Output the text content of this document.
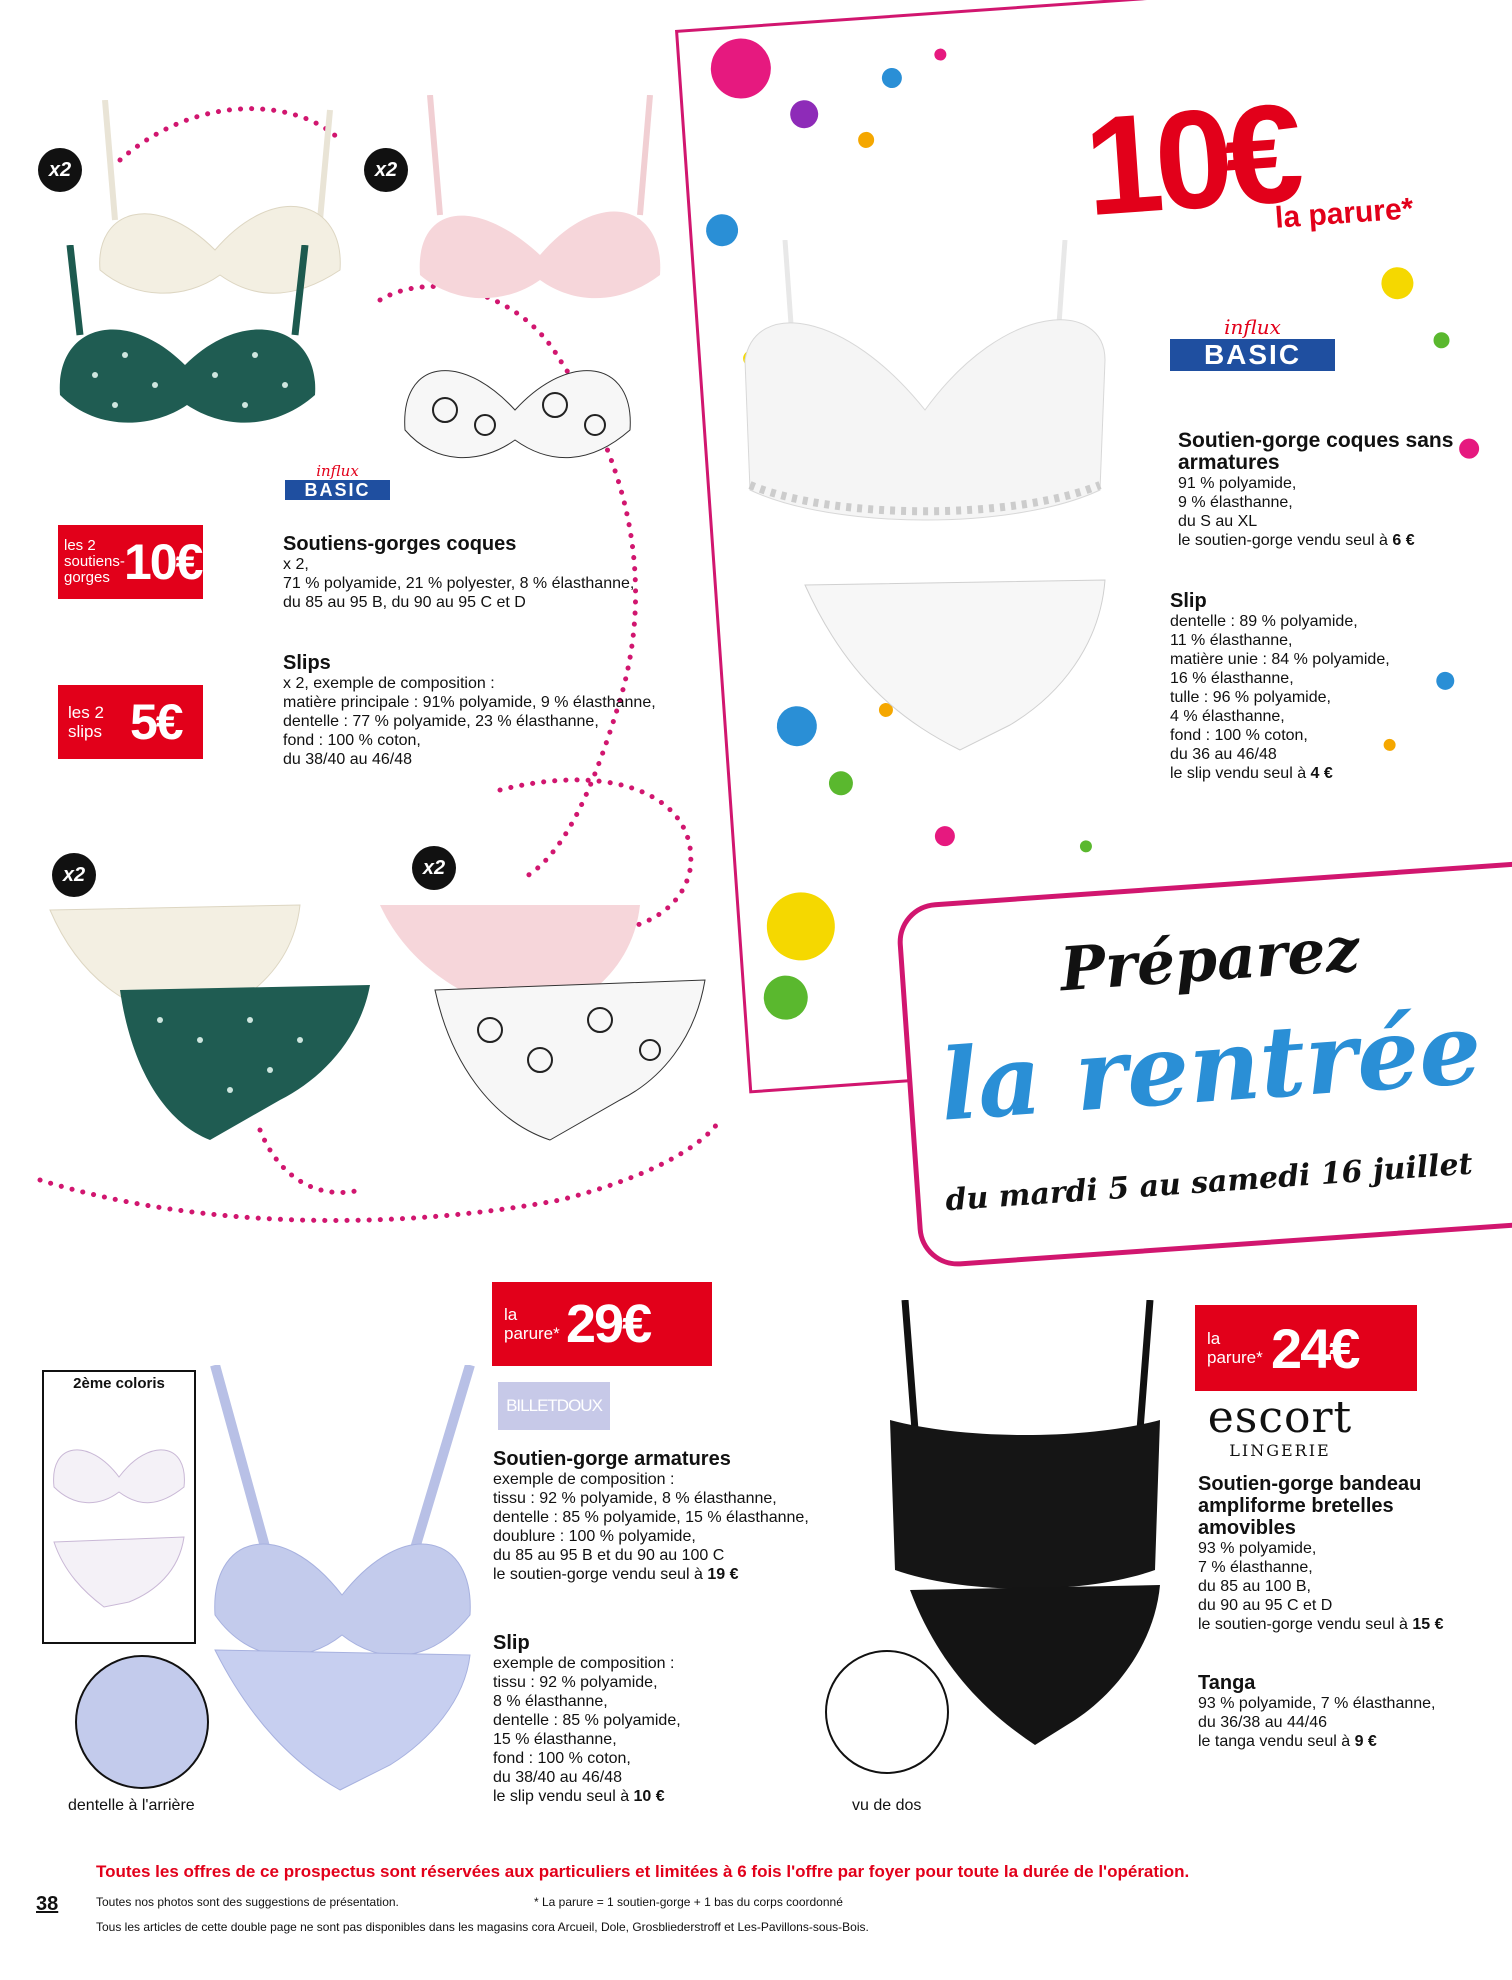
x2	x2
x2	x2
influx
BASIC
les 2 soutiens-gorges 10€
les 2 slips 5€
Soutiens-gorges coques
x 2,
71 % polyamide, 21 % polyester, 8 % élasthanne,
du 85 au 95 B, du 90 au 95 C et D
Slips
x 2, exemple de composition :
matière principale : 91% polyamide, 9 % élasthanne,
dentelle : 77 % polyamide, 23 % élasthanne,
fond : 100 % coton,
du 38/40 au 46/48
10€
la parure*
influx
BASIC
Soutien-gorge coques sans armatures
91 % polyamide,
9 % élasthanne,
du S au XL
le soutien-gorge vendu seul à 6 €
Slip
dentelle : 89 % polyamide,
11 % élasthanne,
matière unie : 84 % polyamide,
16 % élasthanne,
tulle : 96 % polyamide,
4 % élasthanne,
fond : 100 % coton,
du 36 au 46/48
le slip vendu seul à 4 €
Préparez
la rentrée
du mardi 5 au samedi 16 juillet
2ème coloris
dentelle à l'arrière
la parure* 29€
BILLETDOUX
Soutien-gorge armatures
exemple de composition :
tissu : 92 % polyamide, 8 % élasthanne,
dentelle : 85 % polyamide, 15 % élasthanne,
doublure : 100 % polyamide,
du 85 au 95 B et du 90 au 100 C
le soutien-gorge vendu seul à 19 €
Slip
exemple de composition :
tissu : 92 % polyamide,
8 % élasthanne,
dentelle : 85 % polyamide,
15 % élasthanne,
fond : 100 % coton,
du 38/40 au 46/48
le slip vendu seul à 10 €
vu de dos
la parure* 24€
escort
LINGERIE
Soutien-gorge bandeau ampliforme bretelles amovibles
93 % polyamide,
7 % élasthanne,
du 85 au 100 B,
du 90 au 95 C et D
le soutien-gorge vendu seul à 15 €
Tanga
93 % polyamide, 7 % élasthanne,
du 36/38 au 44/46
le tanga vendu seul à 9 €
Toutes les offres de ce prospectus sont réservées aux particuliers et limitées à 6 fois l'offre par foyer pour toute la durée de l'opération.
38	Toutes nos photos sont des suggestions de présentation.	* La parure = 1 soutien-gorge + 1 bas du corps coordonné
Tous les articles de cette double page ne sont pas disponibles dans les magasins cora Arcueil, Dole, Grosbliederstroff et Les-Pavillons-sous-Bois.
